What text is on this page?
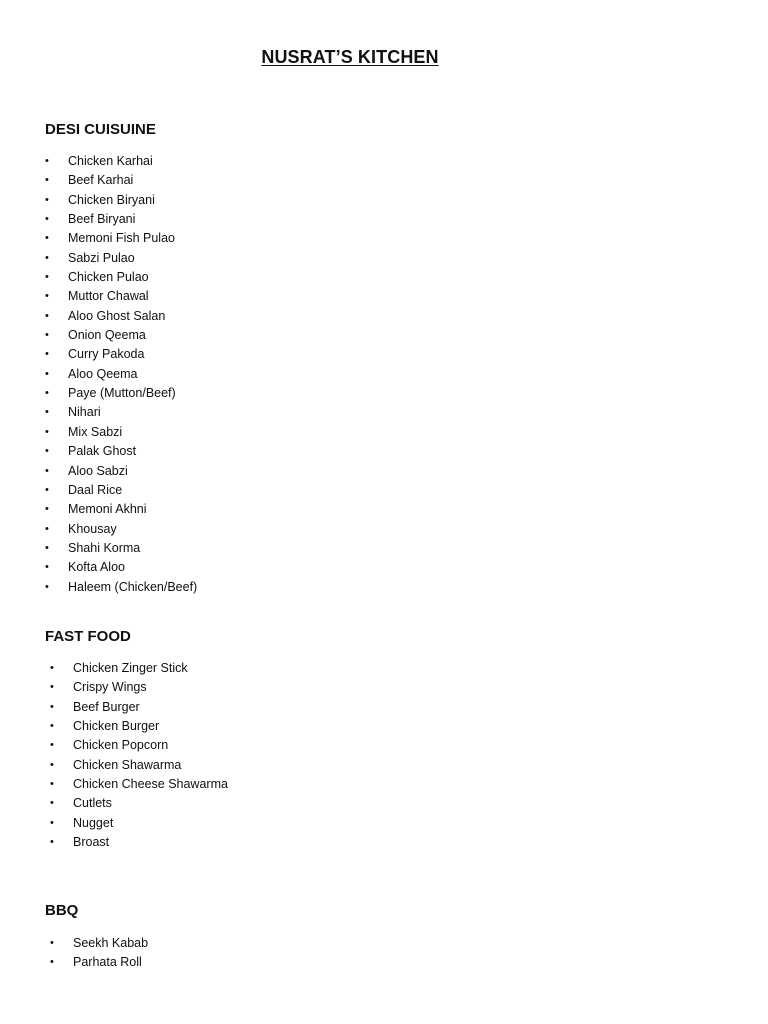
NUSRAT’S KITCHEN
DESI CUISUINE
• Chicken Karhai
• Beef Karhai
• Chicken Biryani
• Beef Biryani
• Memoni Fish Pulao
• Sabzi Pulao
• Chicken Pulao
• Muttor Chawal
• Aloo Ghost Salan
• Onion Qeema
• Curry Pakoda
• Aloo Qeema
• Paye (Mutton/Beef)
• Nihari
• Mix Sabzi
• Palak Ghost
• Aloo Sabzi
• Daal Rice
• Memoni Akhni
• Khousay
• Shahi Korma
• Kofta Aloo
• Haleem (Chicken/Beef)
FAST FOOD
• Chicken Zinger Stick
• Crispy Wings
• Beef Burger
• Chicken Burger
• Chicken Popcorn
• Chicken Shawarma
• Chicken Cheese Shawarma
• Cutlets
• Nugget
• Broast
BBQ
• Seekh Kabab
• Parhata Roll
